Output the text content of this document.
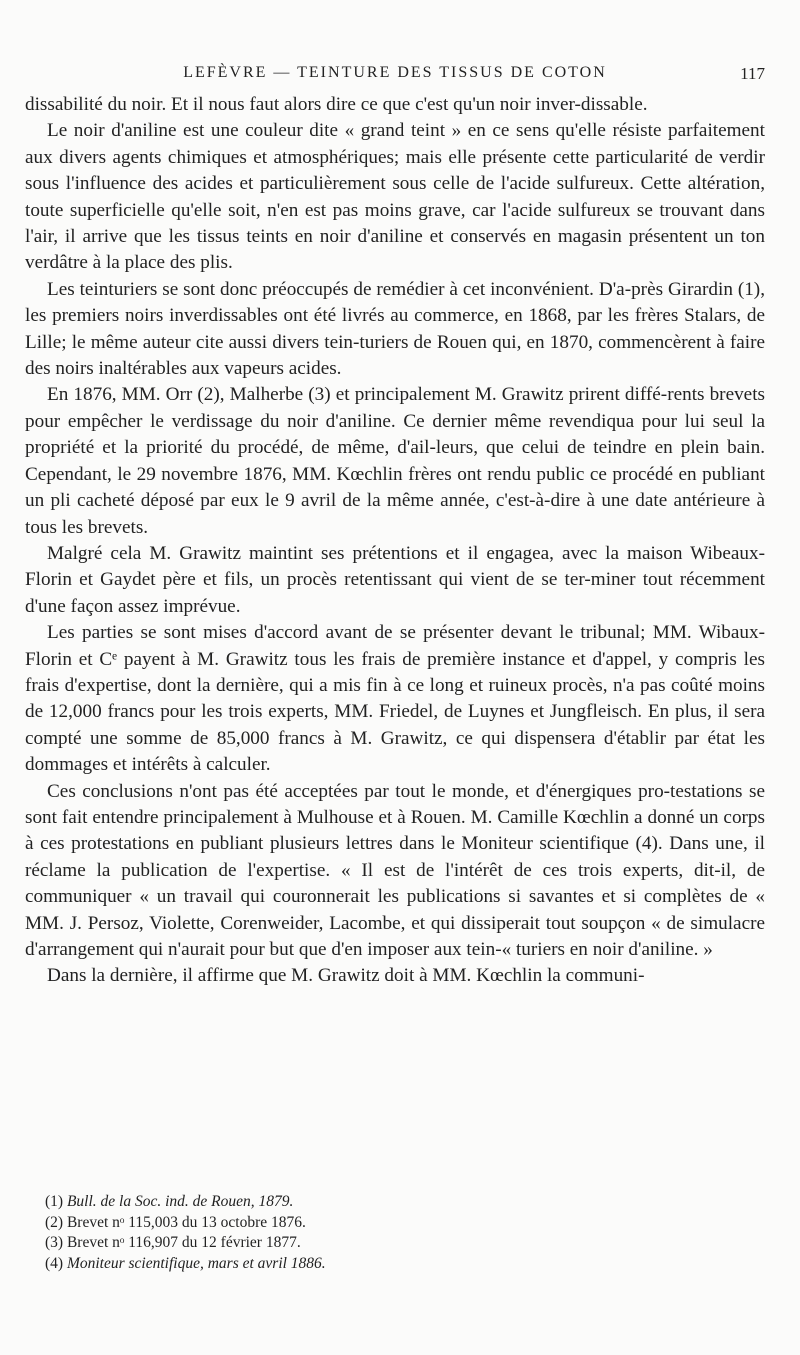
LEFÈVRE — TEINTURE DES TISSUS DE COTON	117

dissabilité du noir. Et il nous faut alors dire ce que c'est qu'un noir inver-dissable.

Le noir d'aniline est une couleur dite « grand teint » en ce sens qu'elle résiste parfaitement aux divers agents chimiques et atmosphériques; mais elle présente cette particularité de verdir sous l'influence des acides et particulièrement sous celle de l'acide sulfureux. Cette altération, toute superficielle qu'elle soit, n'en est pas moins grave, car l'acide sulfureux se trouvant dans l'air, il arrive que les tissus teints en noir d'aniline et conservés en magasin présentent un ton verdâtre à la place des plis.

Les teinturiers se sont donc préoccupés de remédier à cet inconvénient. D'a-près Girardin (1), les premiers noirs inverdissables ont été livrés au commerce, en 1868, par les frères Stalars, de Lille; le même auteur cite aussi divers tein-turiers de Rouen qui, en 1870, commencèrent à faire des noirs inaltérables aux vapeurs acides.

En 1876, MM. Orr (2), Malherbe (3) et principalement M. Grawitz prirent diffé-rents brevets pour empêcher le verdissage du noir d'aniline. Ce dernier même revendiqua pour lui seul la propriété et la priorité du procédé, de même, d'ail-leurs, que celui de teindre en plein bain. Cependant, le 29 novembre 1876, MM. Kœchlin frères ont rendu public ce procédé en publiant un pli cacheté déposé par eux le 9 avril de la même année, c'est-à-dire à une date antérieure à tous les brevets.

Malgré cela M. Grawitz maintint ses prétentions et il engagea, avec la maison Wibeaux-Florin et Gaydet père et fils, un procès retentissant qui vient de se ter-miner tout récemment d'une façon assez imprévue.

Les parties se sont mises d'accord avant de se présenter devant le tribunal; MM. Wibaux-Florin et Cᵉ payent à M. Grawitz tous les frais de première instance et d'appel, y compris les frais d'expertise, dont la dernière, qui a mis fin à ce long et ruineux procès, n'a pas coûté moins de 12,000 francs pour les trois experts, MM. Friedel, de Luynes et Jungfleisch. En plus, il sera compté une somme de 85,000 francs à M. Grawitz, ce qui dispensera d'établir par état les dommages et intérêts à calculer.

Ces conclusions n'ont pas été acceptées par tout le monde, et d'énergiques pro-testations se sont fait entendre principalement à Mulhouse et à Rouen. M. Camille Kœchlin a donné un corps à ces protestations en publiant plusieurs lettres dans le Moniteur scientifique (4). Dans une, il réclame la publication de l'expertise. « Il est de l'intérêt de ces trois experts, dit-il, de communiquer « un travail qui couronnerait les publications si savantes et si complètes de « MM. J. Persoz, Violette, Corenweider, Lacombe, et qui dissiperait tout soupçon « de simulacre d'arrangement qui n'aurait pour but que d'en imposer aux tein-« turiers en noir d'aniline. »

Dans la dernière, il affirme que M. Grawitz doit à MM. Kœchlin la communi-

(1) Bull. de la Soc. ind. de Rouen, 1879.
(2) Brevet nᵒ 115,003 du 13 octobre 1876.
(3) Brevet nᵒ 116,907 du 12 février 1877.
(4) Moniteur scientifique, mars et avril 1886.
